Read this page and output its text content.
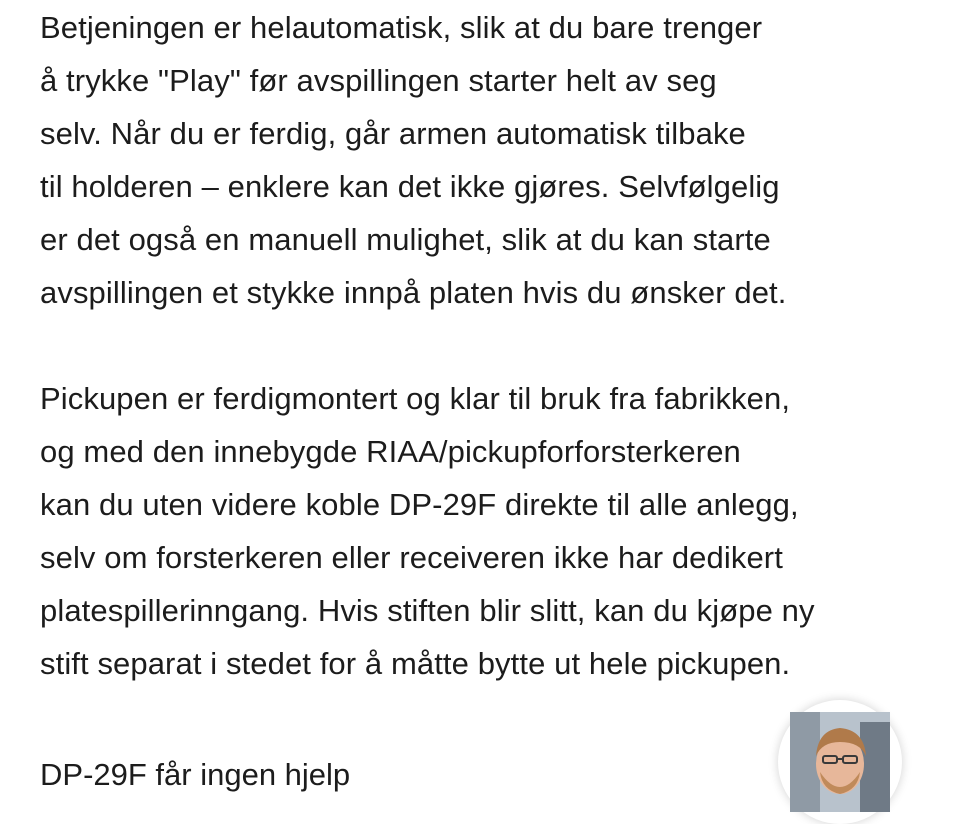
Betjeningen er helautomatisk, slik at du bare trenger
å trykke "Play" før avspillingen starter helt av seg
selv. Når du er ferdig, går armen automatisk tilbake
til holderen – enklere kan det ikke gjøres. Selvfølgelig
er det også en manuell mulighet, slik at du kan starte
avspillingen et stykke innpå platen hvis du ønsker det.

Pickupen er ferdigmontert og klar til bruk fra fabrikken,
og med den innebygde RIAA/pickupforforsterkeren
kan du uten videre koble DP-29F direkte til alle anlegg,
selv om forsterkeren eller receiveren ikke har dedikert
platespillerinngang. Hvis stiften blir slitt, kan du kjøpe ny
stift separat i stedet for å måtte bytte ut hele pickupen.

DP-29F får ingen hjelp
